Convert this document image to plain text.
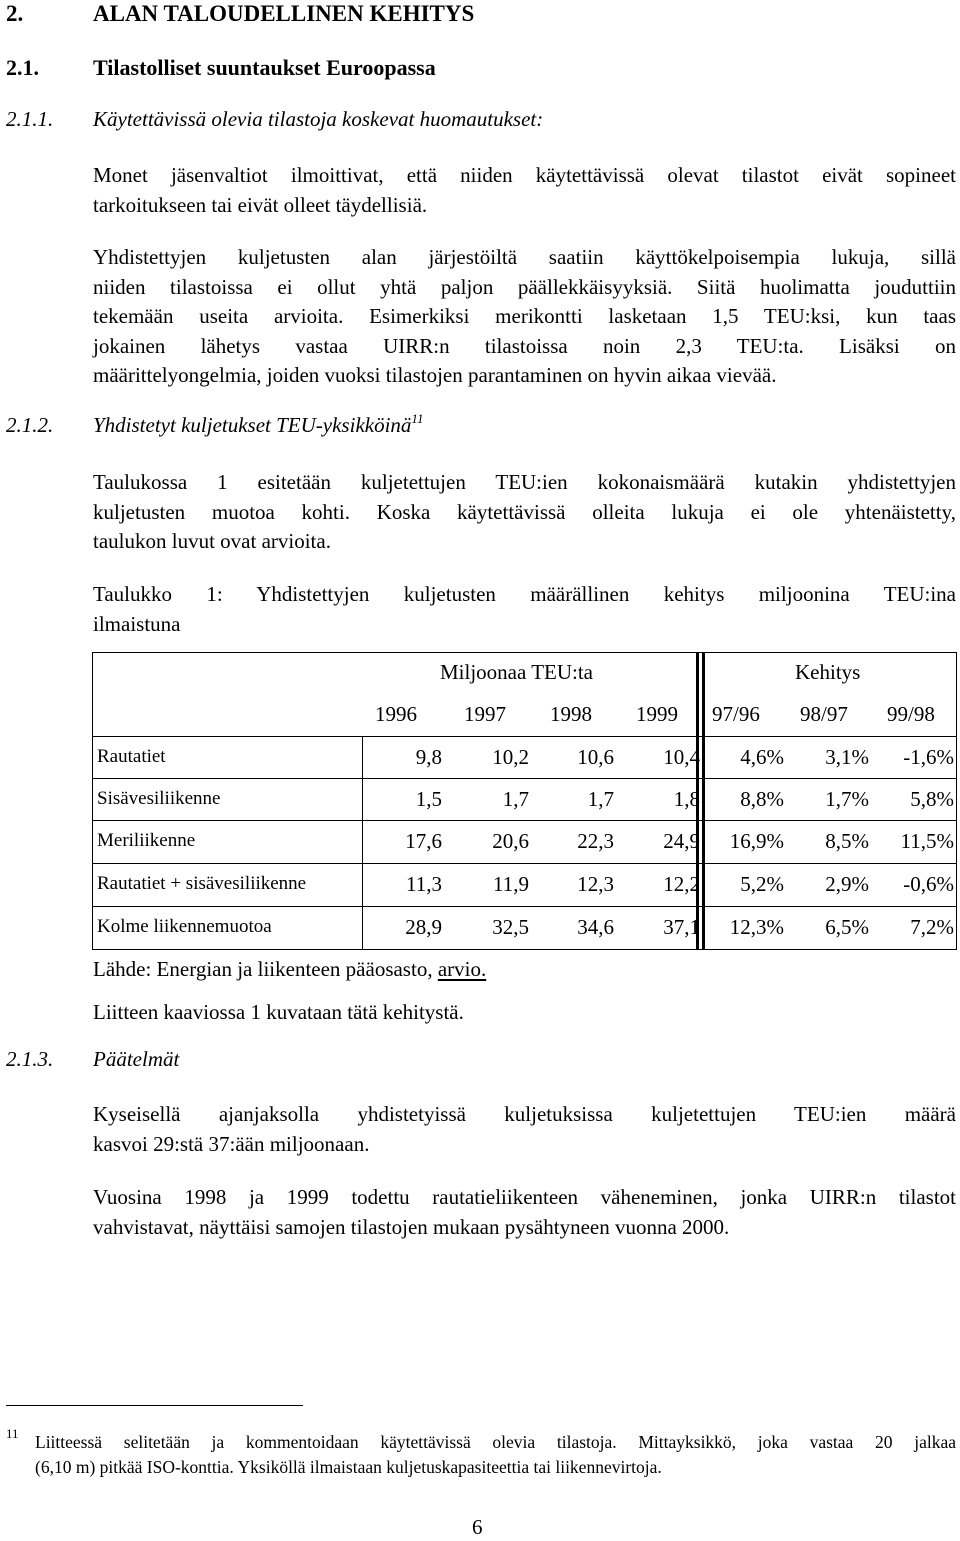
2.	ALAN TALOUDELLINEN KEHITYS
2.1. Tilastolliset suuntaukset Euroopassa
2.1.1. Käytettävissä olevia tilastoja koskevat huomautukset:
Monet jäsenvaltiot ilmoittivat, että niiden käytettävissä olevat tilastot eivät sopineet
tarkoitukseen tai eivät olleet täydellisiä.
Yhdistettyjen kuljetusten alan järjestöiltä saatiin käyttökelpoisempia lukuja, sillä
niiden tilastoissa ei ollut yhtä paljon päällekkäisyyksiä. Siitä huolimatta jouduttiin
tekemään useita arvioita. Esimerkiksi merikontti lasketaan 1,5 TEU:ksi, kun taas
jokainen lähetys vastaa UIRR:n tilastoissa noin 2,3 TEU:ta. Lisäksi on
määrittelyongelmia, joiden vuoksi tilastojen parantaminen on hyvin aikaa vievää.
2.1.2. Yhdistetyt kuljetukset TEU-yksikköinä$^{11}$
Taulukossa 1 esitetään kuljetettujen TEU:ien kokonaismäärä kutakin yhdistettyjen
kuljetusten muotoa kohti. Koska käytettävissä olleita lukuja ei ole yhtenäistetty,
taulukon luvut ovat arvioita.
Taulukko 1: Yhdistettyjen kuljetusten määrällinen kehitys miljoonina TEU:ina
ilmaistuna
Miljoonaa TEU:ta	Kehitys
1996 1997 1998 1999 97/96 98/97 99/98
Rautatiet	9,8 10,2 10,6 10,4 4,6% 3,1% -1,6%
Sisävesiliikenne	1,5	1,7	1,7	1,8 8,8% 1,7% 5,8%
Meriliikenne	17,6 20,6 22,3 24,9 16,9% 8,5% 11,5%
Rautatiet + sisävesiliikenne	11,3 11,9 12,3 12,2 5,2% 2,9% -0,6%
Kolme liikennemuotoa	28,9 32,5 34,6 37,1 12,3% 6,5% 7,2%
Lähde: Energian ja liikenteen pääosasto, arvio.
Liitteen kaaviossa 1 kuvataan tätä kehitystä.
2.1.3. Päätelmät
Kyseisellä ajanjaksolla yhdistetyissä kuljetuksissa kuljetettujen TEU:ien määrä
kasvoi 29:stä 37:ään miljoonaan.
Vuosina 1998 ja 1999 todettu rautatieliikenteen väheneminen, jonka UIRR:n tilastot
vahvistavat, näyttäisi samojen tilastojen mukaan pysähtyneen vuonna 2000.
11 Liitteessä selitetään ja kommentoidaan käytettävissä olevia tilastoja. Mittayksikkö, joka vastaa 20 jalkaa
(6,10 m) pitkää ISO-konttia. Yksiköllä ilmaistaan kuljetuskapasiteettia tai liikennevirtoja.
6
